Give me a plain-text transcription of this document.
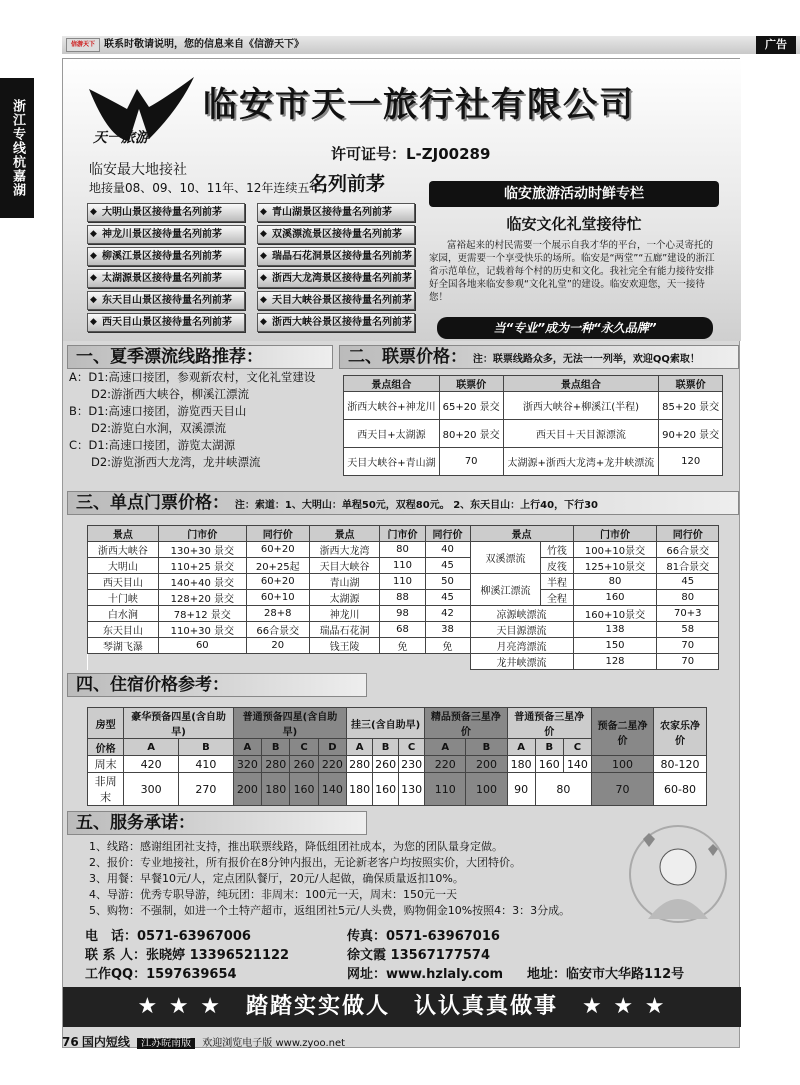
信游天下 联系时敬请说明，您的信息来自《信游天下》	广告
浙江专线杭嘉湖	天一旅游
临安市天一旅行社有限公司
许可证号：L-ZJ00289
临安最大地接社
地接量08、09、10、11年、12年连续五年,
名列前茅
◆ 大明山景区接待量名列前茅
◆ 神龙川景区接待量名列前茅
◆ 柳溪江景区接待量名列前茅
◆ 太湖源景区接待量名列前茅
◆ 东天目山景区接待量名列前茅
◆ 西天目山景区接待量名列前茅
◆ 青山湖景区接待量名列前茅
◆ 双溪漂流景区接待量名列前茅
◆ 瑞晶石花洞景区接待量名列前茅
◆ 浙西大龙湾景区接待量名列前茅
◆ 天目大峡谷景区接待量名列前茅
◆ 浙西大峡谷景区接待量名列前茅
临安旅游活动时鲜专栏
临安文化礼堂接待忙
富裕起来的村民需要一个展示自我才华的平台，一个心灵寄托的家园，更需要一个享受快乐的场所。临安是“两堂”“五廊”建设的浙江省示范单位，记载着每个村的历史和文化。我社完全有能力接待安排好全国各地来临安参观“文化礼堂”的建设。临安欢迎您，天一接待您！
当“专业”成为一种“永久品牌”
一、夏季漂流线路推荐：	二、联票价格： 注：联票线路众多，无法一一列举，欢迎QQ索取！
A：D1:高速口接团，参观新农村，文化礼堂建设
D2:游浙西大峡谷，柳溪江漂流
B：D1:高速口接团，游览西天目山
D2:游览白水涧，双溪漂流
C：D1:高速口接团，游览太湖源
D2:游览浙西大龙湾，龙井峡漂流
景点组合	联票价	景点组合	联票价
浙西大峡谷+神龙川	65+20 景交	浙西大峡谷+柳溪江(半程)	85+20 景交
西天目+太湖源	80+20 景交	西天目＋天目源漂流	90+20 景交
天目大峡谷+青山湖	70	太湖源+浙西大龙湾+龙井峡漂流	120
三、单点门票价格： 注：索道：1、大明山：单程50元，双程80元。 2、东天目山：上行40，下行30
景点	门市价	同行价	景点	门市价	同行价	景点		门市价	同行价
浙西大峡谷	130+30 景交	60+20	浙西大龙湾	80	40	双溪漂流	竹筏	100+10景交	66合景交
大明山	110+25 景交	20+25起	天目大峡谷	110	45		皮筏	125+10景交	81合景交
西天目山	140+40 景交	60+20	青山湖	110	50	柳溪江漂流	半程	80	45
十门峡	128+20 景交	60+10	太湖源	88	45		全程	160	80
白水涧	78+12 景交	28+8	神龙川	98	42	凉源峡漂流		160+10景交	70+3
东天目山	110+30 景交	66合景交	瑞晶石花洞	68	38	天目源漂流		138	58
琴湖飞瀑	60	20	钱王陵	免	免	月亮湾漂流		150	70
						龙井峡漂流		128	70
四、住宿价格参考：
房型	豪华预备四星(含自助早)		普通预备四星(含自助早)				挂三(含自助早)			精品预备三星净价		普通预备三星净价			预备二星净价	农家乐净价
价格	A	B	A	B	C	D	A	B	C	A	B	A	B	C		
周末	420	410	320	280	260	220	280	260	230	220	200	180	160	140	100	80-120
非周末	300	270	200	180	160	140	180	160	130	110	100	90	80		70	60-80
五、服务承诺：
1、线路：感谢组团社支持，推出联票线路，降低组团社成本，为您的团队量身定做。
2、报价：专业地接社，所有报价在8分钟内报出，无论新老客户均按照实价，大团特价。
3、用餐：早餐10元/人，定点团队餐厅，20元/人起做，确保质量返扣10%。
4、导游：优秀专职导游，纯玩团：非周末：100元一天，周末：150元一天
5、购物：不强制，如进一个土特产超市，返组团社5元/人头费，购物佣金10%按照4：3：3分成。
电　话：0571-63967006	传真：0571-63967016
联 系 人：张晓婷 13396521122	徐文霞 13567177574
工作QQ：1597639654	网址：www.hzlaly.com	地址：临安市大华路112号
★ ★ ★　踏踏实实做人　认认真真做事　★ ★ ★
76 国内短线 江苏皖南版 欢迎浏览电子版 www.zyoo.net
